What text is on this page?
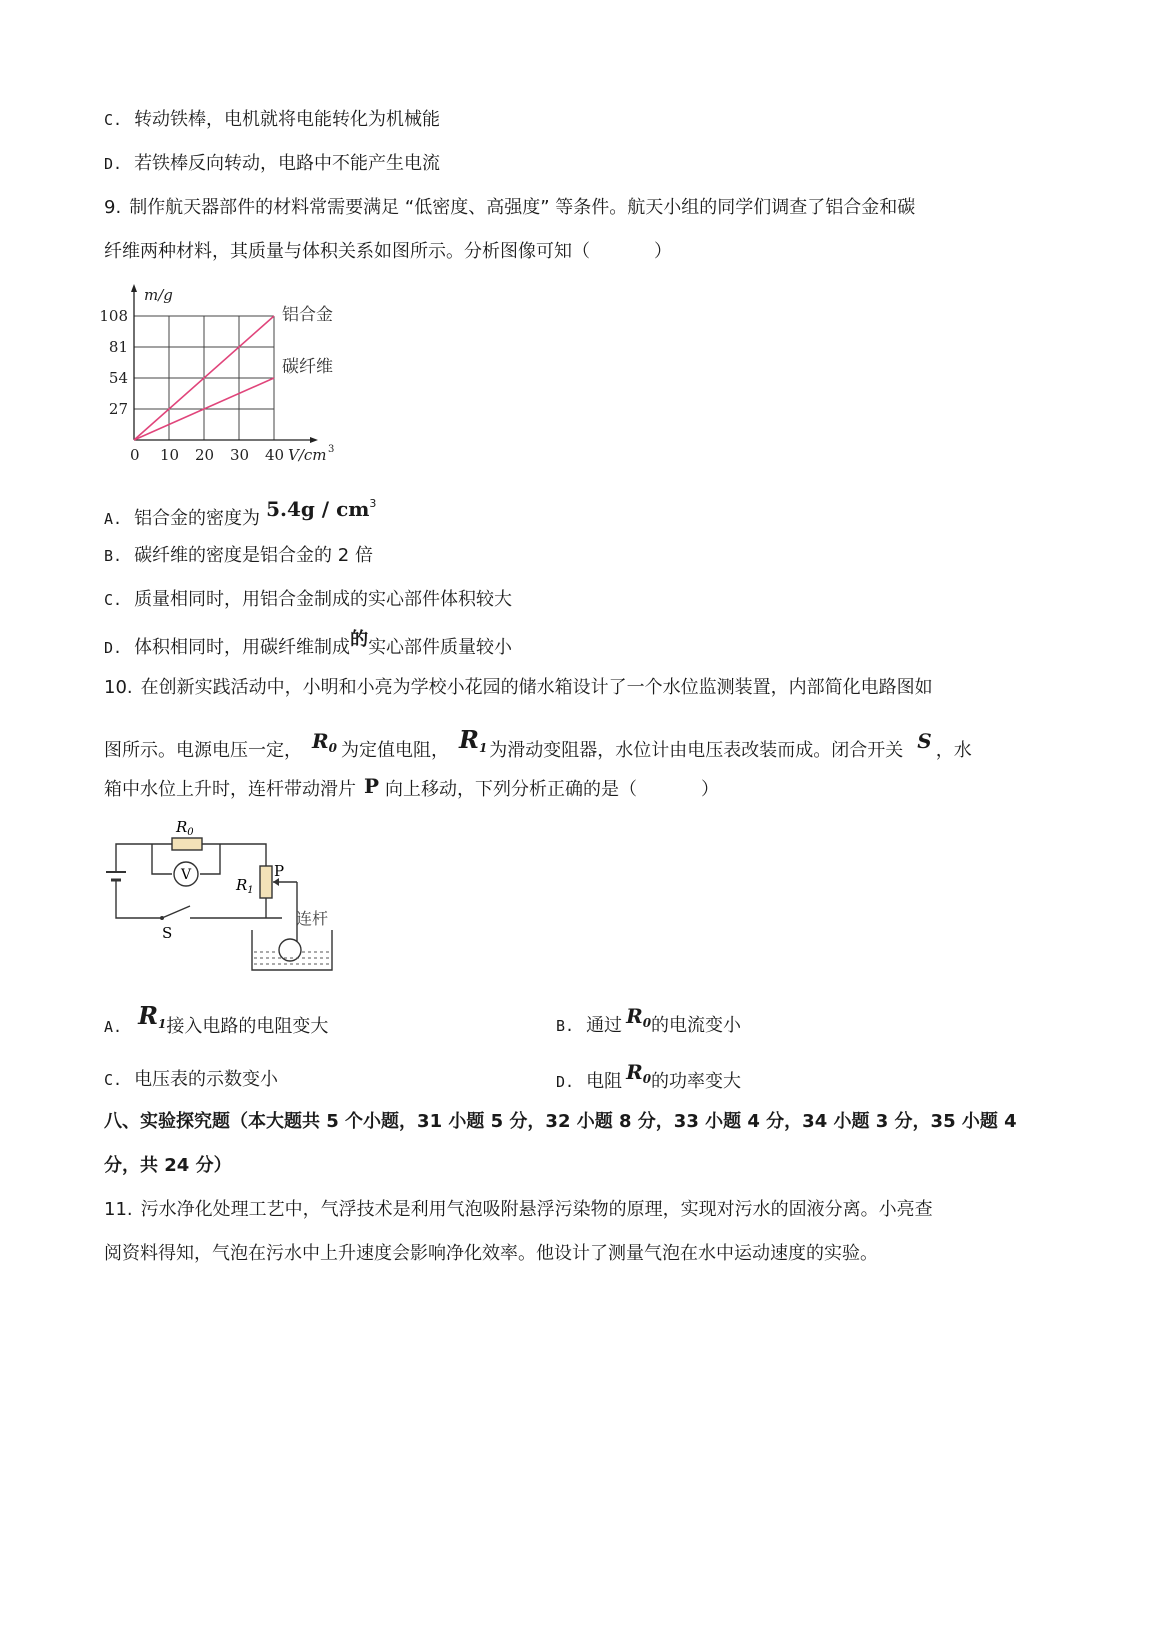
C. 转动铁棒，电机就将电能转化为机械能
D. 若铁棒反向转动，电路中不能产生电流
9. 制作航天器部件的材料常需要满足 “低密度、高强度” 等条件。航天小组的同学们调查了铝合金和碳
纤维两种材料，其质量与体积关系如图所示。分析图像可知（	）
铝合金
碳纤维
0 10 20 30 40
27
54
81
108
m/g
V/cm 3
A. 铝合金的密度为 $5.4g / cm^3$
B. 碳纤维的密度是铝合金的 2 倍
C. 质量相同时，用铝合金制成的实心部件体积较大
D. 体积相同时，用碳纤维制成的实心部件质量较小
10. 在创新实践活动中，小明和小亮为学校小花园的储水箱设计了一个水位监测装置，内部简化电路图如
图所示。电源电压一定， $R_0$ 为定值电阻， $R_1$ 为滑动变阻器，水位计由电压表改装而成。闭合开关 S ，水
箱中水位上升时，连杆带动滑片 P 向上移动，下列分析正确的是（	）
$R_0$
V
$R_1$
P
连杆
S
A. $R_1$接入电路的电阻变大	B. 通过 $R_0$的电流变小
C. 电压表的示数变小	D. 电阻 $R_0$的功率变大
八、实验探究题（本大题共 5 个小题，31 小题 5 分，32 小题 8 分，33 小题 4 分，34 小题 3 分，35 小题 4
分，共 24 分）
11. 污水净化处理工艺中，气浮技术是利用气泡吸附悬浮污染物的原理，实现对污水的固液分离。小亮查
阅资料得知，气泡在污水中上升速度会影响净化效率。他设计了测量气泡在水中运动速度的实验。
